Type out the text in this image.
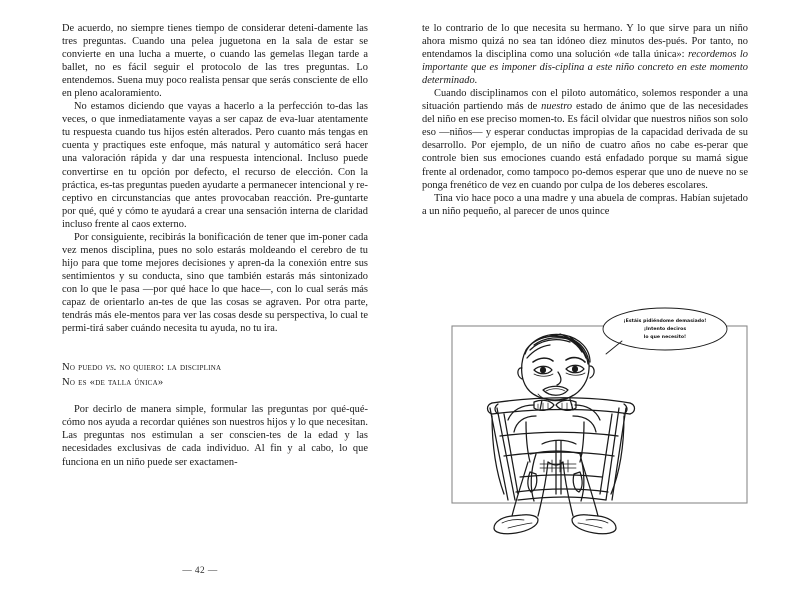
De acuerdo, no siempre tienes tiempo de considerar deteni-damente las tres preguntas. Cuando una pelea juguetona en la sala de estar se convierte en una lucha a muerte, o cuando las gemelas llegan tarde a ballet, no es fácil seguir el protocolo de las tres preguntas. Lo entendemos. Suena muy poco realista pensar que serás consciente de ello en pleno acaloramiento.

No estamos diciendo que vayas a hacerlo a la perfección to-das las veces, o que inmediatamente vayas a ser capaz de eva-luar atentamente tu respuesta cuando tus hijos estén alterados. Pero cuanto más tengas en cuenta y practiques este enfoque, más natural y automático será hacer una valoración rápida y dar una respuesta intencional. Incluso puede convertirse en tu opción por defecto, el recurso de elección. Con la práctica, es-tas preguntas pueden ayudarte a permanecer intencional y re-ceptivo en circunstancias que antes provocaban reacción. Pre-guntarte por qué, qué y cómo te ayudará a crear una sensación interna de claridad incluso frente al caos externo.

Por consiguiente, recibirás la bonificación de tener que im-poner cada vez menos disciplina, pues no solo estarás moldeando el cerebro de tu hijo para que tome mejores decisiones y apren-da la conexión entre sus sentimientos y su conducta, sino que también estarás más sintonizado con lo que le pasa —por qué hace lo que hace—, con lo cual serás más capaz de orientarlo an-tes de que las cosas se agraven. Por otra parte, tendrás más ele-mentos para ver las cosas desde su perspectiva, lo cual te permi-tirá saber cuándo necesita tu ayuda, no tu ira.

No puedo vs. no quiero: la disciplina
No es «de talla única»

Por decirlo de manera simple, formular las preguntas por qué-qué-cómo nos ayuda a recordar quiénes son nuestros hijos y lo que necesitan. Las preguntas nos estimulan a ser conscien-tes de la edad y las necesidades exclusivas de cada individuo. Al fin y al cabo, lo que funciona en un niño puede ser exactamen-

— 42 —

te lo contrario de lo que necesita su hermano. Y lo que sirve para un niño ahora mismo quizá no sea tan idóneo diez minutos des-pués. Por tanto, no entendamos la disciplina como una solución «de talla única»: recordemos lo importante que es imponer dis-ciplina a este niño concreto en este momento determinado.

Cuando disciplinamos con el piloto automático, solemos responder a una situación partiendo más de nuestro estado de ánimo que de las necesidades del niño en ese preciso momen-to. Es fácil olvidar que nuestros niños son solo eso —niños— y esperar conductas impropias de la capacidad derivada de su desarrollo. Por ejemplo, de un niño de cuatro años no cabe es-perar que controle bien sus emociones cuando está enfadado porque su mamá sigue frente al ordenador, como tampoco po-demos esperar que uno de nueve no se ponga frenético de vez en cuando por culpa de los deberes escolares.

Tina vio hace poco a una madre y una abuela de compras. Habían sujetado a un niño pequeño, al parecer de unos quince

¡Estáis pidiéndome demasiado!
¡Intento deciros
lo que necesito!
